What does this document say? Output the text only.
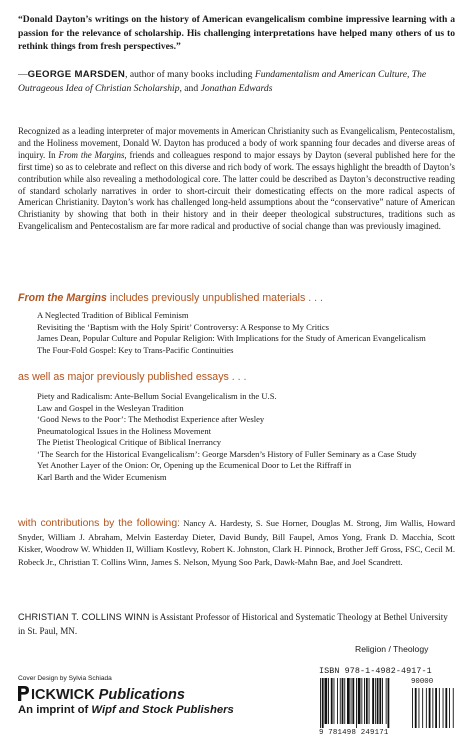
“Donald Dayton’s writings on the history of American evangelicalism combine impressive learning with a passion for the relevance of scholarship. His challenging interpretations have helped many others of us to rethink things from fresh perspectives.”
—GEORGE MARSDEN, author of many books including Fundamentalism and American Culture, The Outrageous Idea of Christian Scholarship, and Jonathan Edwards
Recognized as a leading interpreter of major movements in American Christianity such as Evangelicalism, Pentecostalism, and the Holiness movement, Donald W. Dayton has produced a body of work spanning four decades and diverse areas of inquiry. In From the Margins, friends and colleagues respond to major essays by Dayton (several published here for the first time) so as to celebrate and reflect on this diverse and rich body of work. The essays highlight the breadth of Dayton’s contribution while also revealing a methodological core. The latter could be described as Dayton’s deconstructive reading of standard scholarly narratives in order to short-circuit their domesticating effects on the more radical aspects of American Christianity. Dayton’s work has challenged long-held assumptions about the “conservative” nature of American Christianity by showing that both in their history and in their deeper theological substructures, traditions such as Evangelicalism and Pentecostalism are far more radical and productive of social change than was previously imagined.
From the Margins includes previously unpublished materials . . .
A Neglected Tradition of Biblical Feminism
Revisiting the ‘Baptism with the Holy Spirit’ Controversy: A Response to My Critics
James Dean, Popular Culture and Popular Religion: With Implications for the Study of American Evangelicalism
The Four-Fold Gospel: Key to Trans-Pacific Continuities
as well as major previously published essays . . .
Piety and Radicalism: Ante-Bellum Social Evangelicalism in the U.S.
Law and Gospel in the Wesleyan Tradition
‘Good News to the Poor’: The Methodist Experience after Wesley
Pneumatological Issues in the Holiness Movement
The Pietist Theological Critique of Biblical Inerrancy
‘The Search for the Historical Evangelicalism’: George Marsden’s History of Fuller Seminary as a Case Study
Yet Another Layer of the Onion: Or, Opening up the Ecumenical Door to Let the Riffraff in
Karl Barth and the Wider Ecumenism
with contributions by the following: Nancy A. Hardesty, S. Sue Horner, Douglas M. Strong, Jim Wallis, Howard Snyder, William J. Abraham, Melvin Easterday Dieter, David Bundy, Bill Faupel, Amos Yong, Frank D. Macchia, Scott Kisker, Woodrow W. Whidden II, William Kostlevy, Robert K. Johnston, Clark H. Pinnock, Brother Jeff Gross, FSC, Cecil M. Robeck Jr., Christian T. Collins Winn, James S. Nelson, Myung Soo Park, Dawk-Mahn Bae, and Joel Scandrett.
CHRISTIAN T. COLLINS WINN is Assistant Professor of Historical and Systematic Theology at Bethel University in St. Paul, MN.
Religion / Theology
ISBN 978-1-4982-4917-1
90000
9 781498 249171
Cover Design by Sylvia Schiada
ICKWICK Publications
An imprint of Wipf and Stock Publishers
